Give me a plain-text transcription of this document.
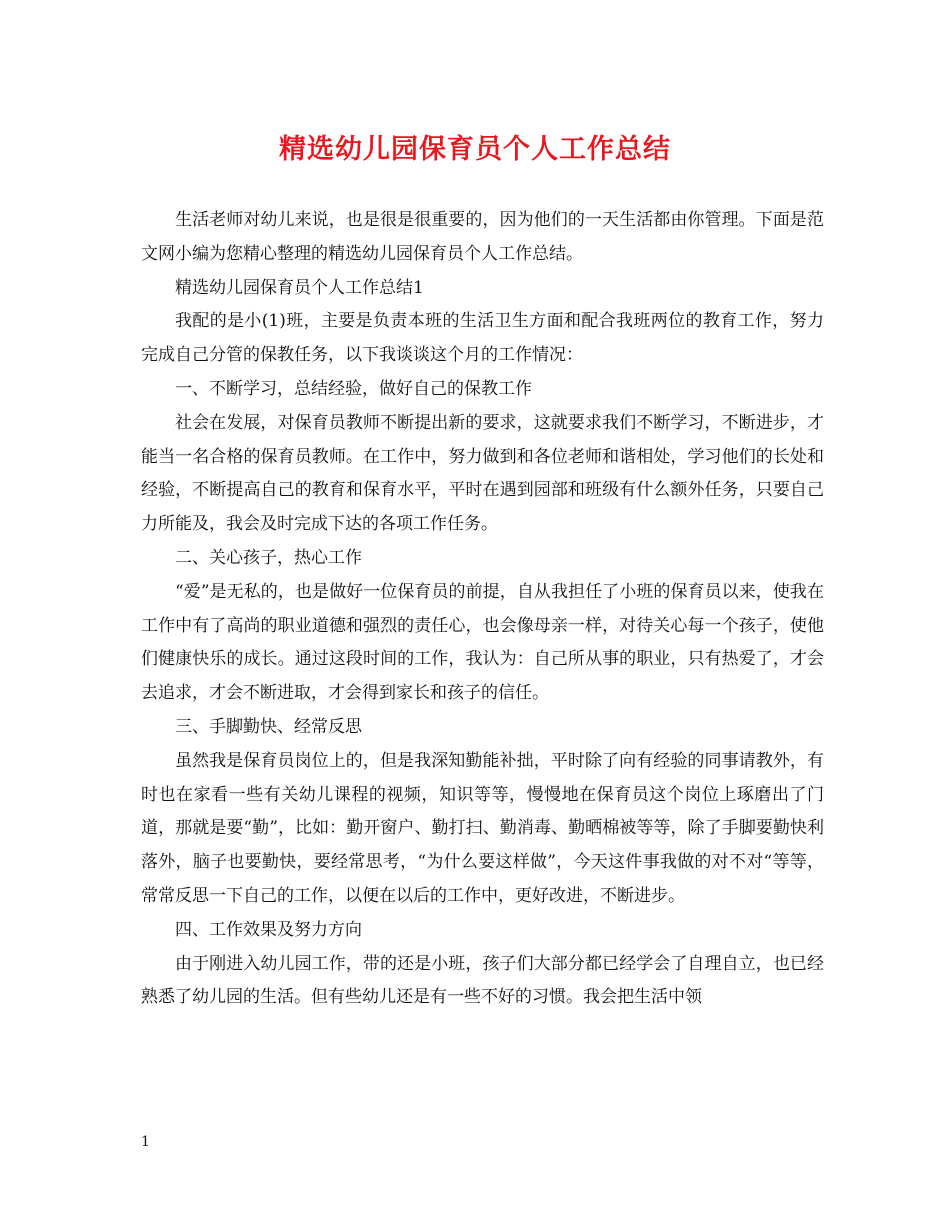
精选幼儿园保育员个人工作总结

生活老师对幼儿来说，也是很是很重要的，因为他们的一天生活都由你管理。下面是范文网小编为您精心整理的精选幼儿园保育员个人工作总结。

精选幼儿园保育员个人工作总结1

我配的是小(1)班，主要是负责本班的生活卫生方面和配合我班两位的教育工作，努力完成自己分管的保教任务，以下我谈谈这个月的工作情况：

一、不断学习，总结经验，做好自己的保教工作

社会在发展，对保育员教师不断提出新的要求，这就要求我们不断学习，不断进步，才能当一名合格的保育员教师。在工作中，努力做到和各位老师和谐相处，学习他们的长处和经验，不断提高自己的教育和保育水平，平时在遇到园部和班级有什么额外任务，只要自己力所能及，我会及时完成下达的各项工作任务。

二、关心孩子，热心工作

“爱”是无私的，也是做好一位保育员的前提，自从我担任了小班的保育员以来，使我在工作中有了高尚的职业道德和强烈的责任心，也会像母亲一样，对待关心每一个孩子，使他们健康快乐的成长。通过这段时间的工作，我认为：自己所从事的职业，只有热爱了，才会去追求，才会不断进取，才会得到家长和孩子的信任。

三、手脚勤快、经常反思

虽然我是保育员岗位上的，但是我深知勤能补拙，平时除了向有经验的同事请教外，有时也在家看一些有关幼儿课程的视频，知识等等，慢慢地在保育员这个岗位上琢磨出了门道，那就是要“勤”，比如：勤开窗户、勤打扫、勤消毒、勤晒棉被等等，除了手脚要勤快利落外，脑子也要勤快，要经常思考，“为什么要这样做”，今天这件事我做的对不对“等等，常常反思一下自己的工作，以便在以后的工作中，更好改进，不断进步。

四、工作效果及努力方向

由于刚进入幼儿园工作，带的还是小班，孩子们大部分都已经学会了自理自立，也已经熟悉了幼儿园的生活。但有些幼儿还是有一些不好的习惯。我会把生活中领

1
